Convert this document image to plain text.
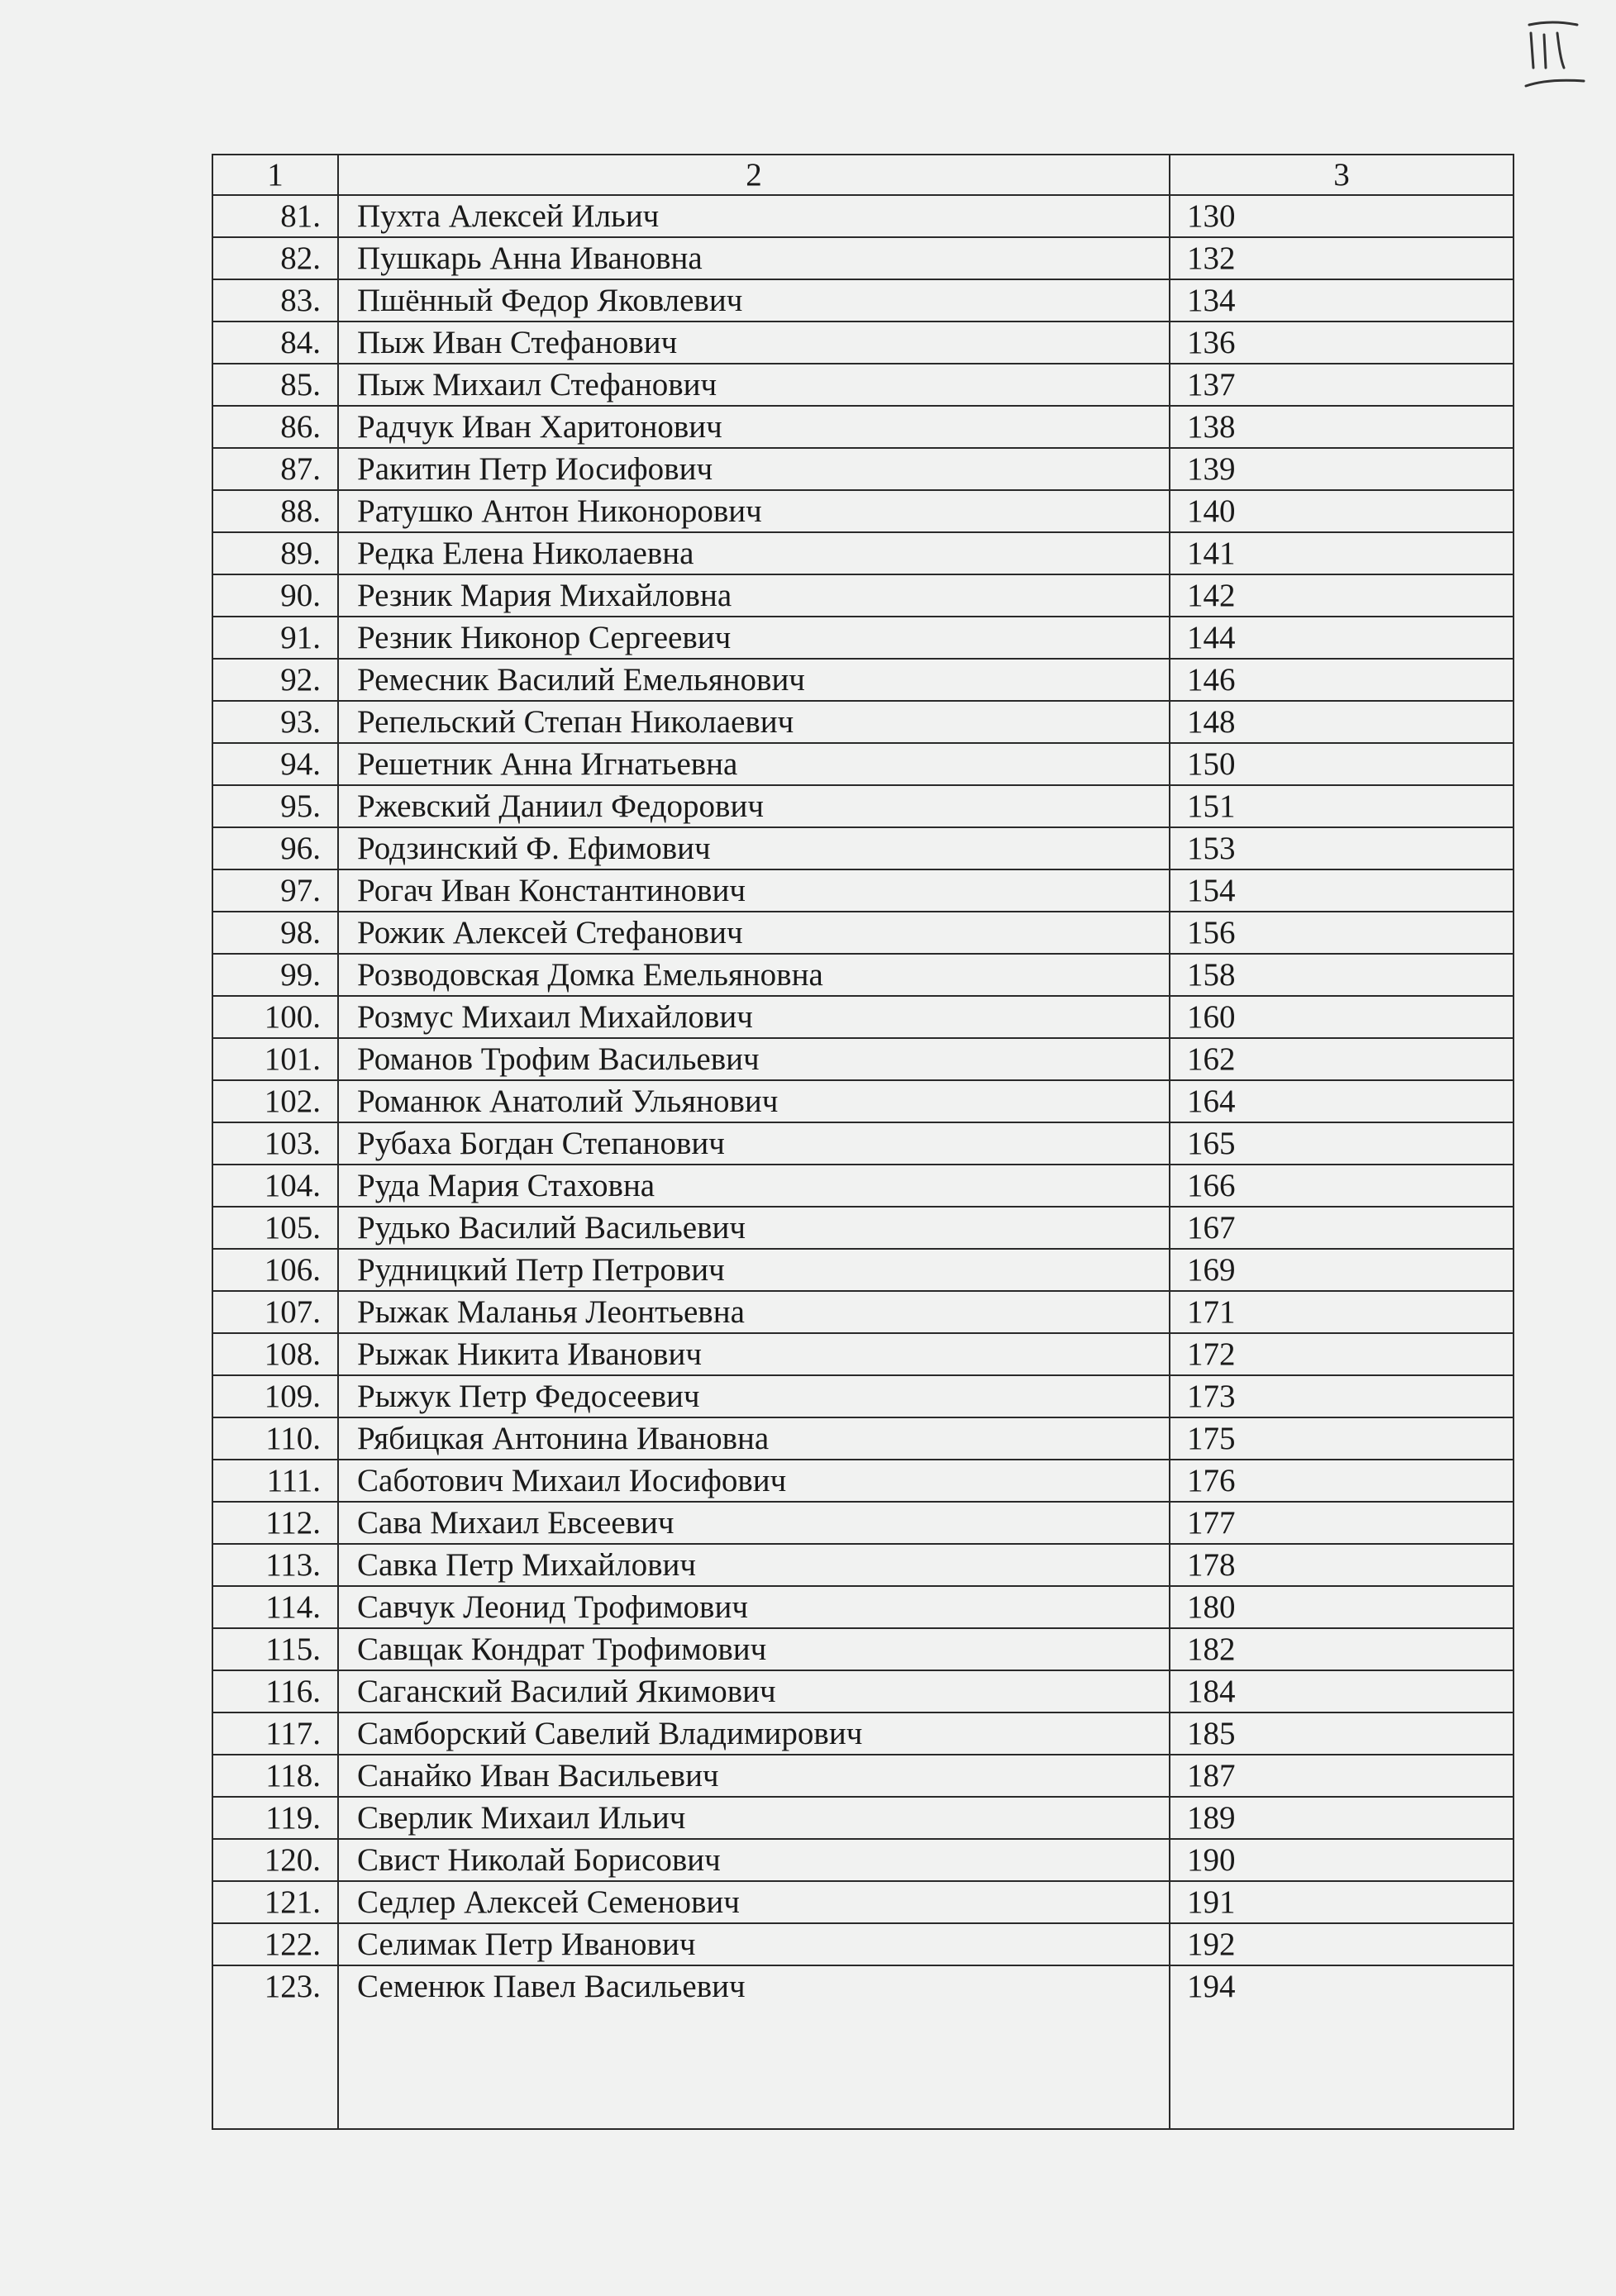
1	2	3
81.	Пухта Алексей Ильич	130
82.	Пушкарь Анна Ивановна	132
83.	Пшённый Федор Яковлевич	134
84.	Пыж Иван Стефанович	136
85.	Пыж Михаил Стефанович	137
86.	Радчук Иван Харитонович	138
87.	Ракитин Петр Иосифович	139
88.	Ратушко Антон Никонорович	140
89.	Редка Елена Николаевна	141
90.	Резник Мария Михайловна	142
91.	Резник Никонор Сергеевич	144
92.	Ремесник Василий Емельянович	146
93.	Репельский Степан Николаевич	148
94.	Решетник Анна Игнатьевна	150
95.	Ржевский Даниил Федорович	151
96.	Родзинский Ф. Ефимович	153
97.	Рогач Иван Константинович	154
98.	Рожик Алексей Стефанович	156
99.	Розводовская Домка Емельяновна	158
100.	Розмус Михаил Михайлович	160
101.	Романов Трофим Васильевич	162
102.	Романюк Анатолий Ульянович	164
103.	Рубаха Богдан Степанович	165
104.	Руда Мария Стаховна	166
105.	Рудько Василий Васильевич	167
106.	Рудницкий Петр Петрович	169
107.	Рыжак Маланья Леонтьевна	171
108.	Рыжак Никита Иванович	172
109.	Рыжук Петр Федосеевич	173
110.	Рябицкая Антонина Ивановна	175
111.	Саботович Михаил Иосифович	176
112.	Сава Михаил Евсеевич	177
113.	Савка Петр Михайлович	178
114.	Савчук Леонид Трофимович	180
115.	Савщак Кондрат Трофимович	182
116.	Саганский Василий Якимович	184
117.	Самборский Савелий Владимирович	185
118.	Санайко Иван Васильевич	187
119.	Сверлик Михаил Ильич	189
120.	Свист Николай Борисович	190
121.	Седлер Алексей Семенович	191
122.	Селимак Петр Иванович	192
123.	Семенюк Павел Васильевич	194
